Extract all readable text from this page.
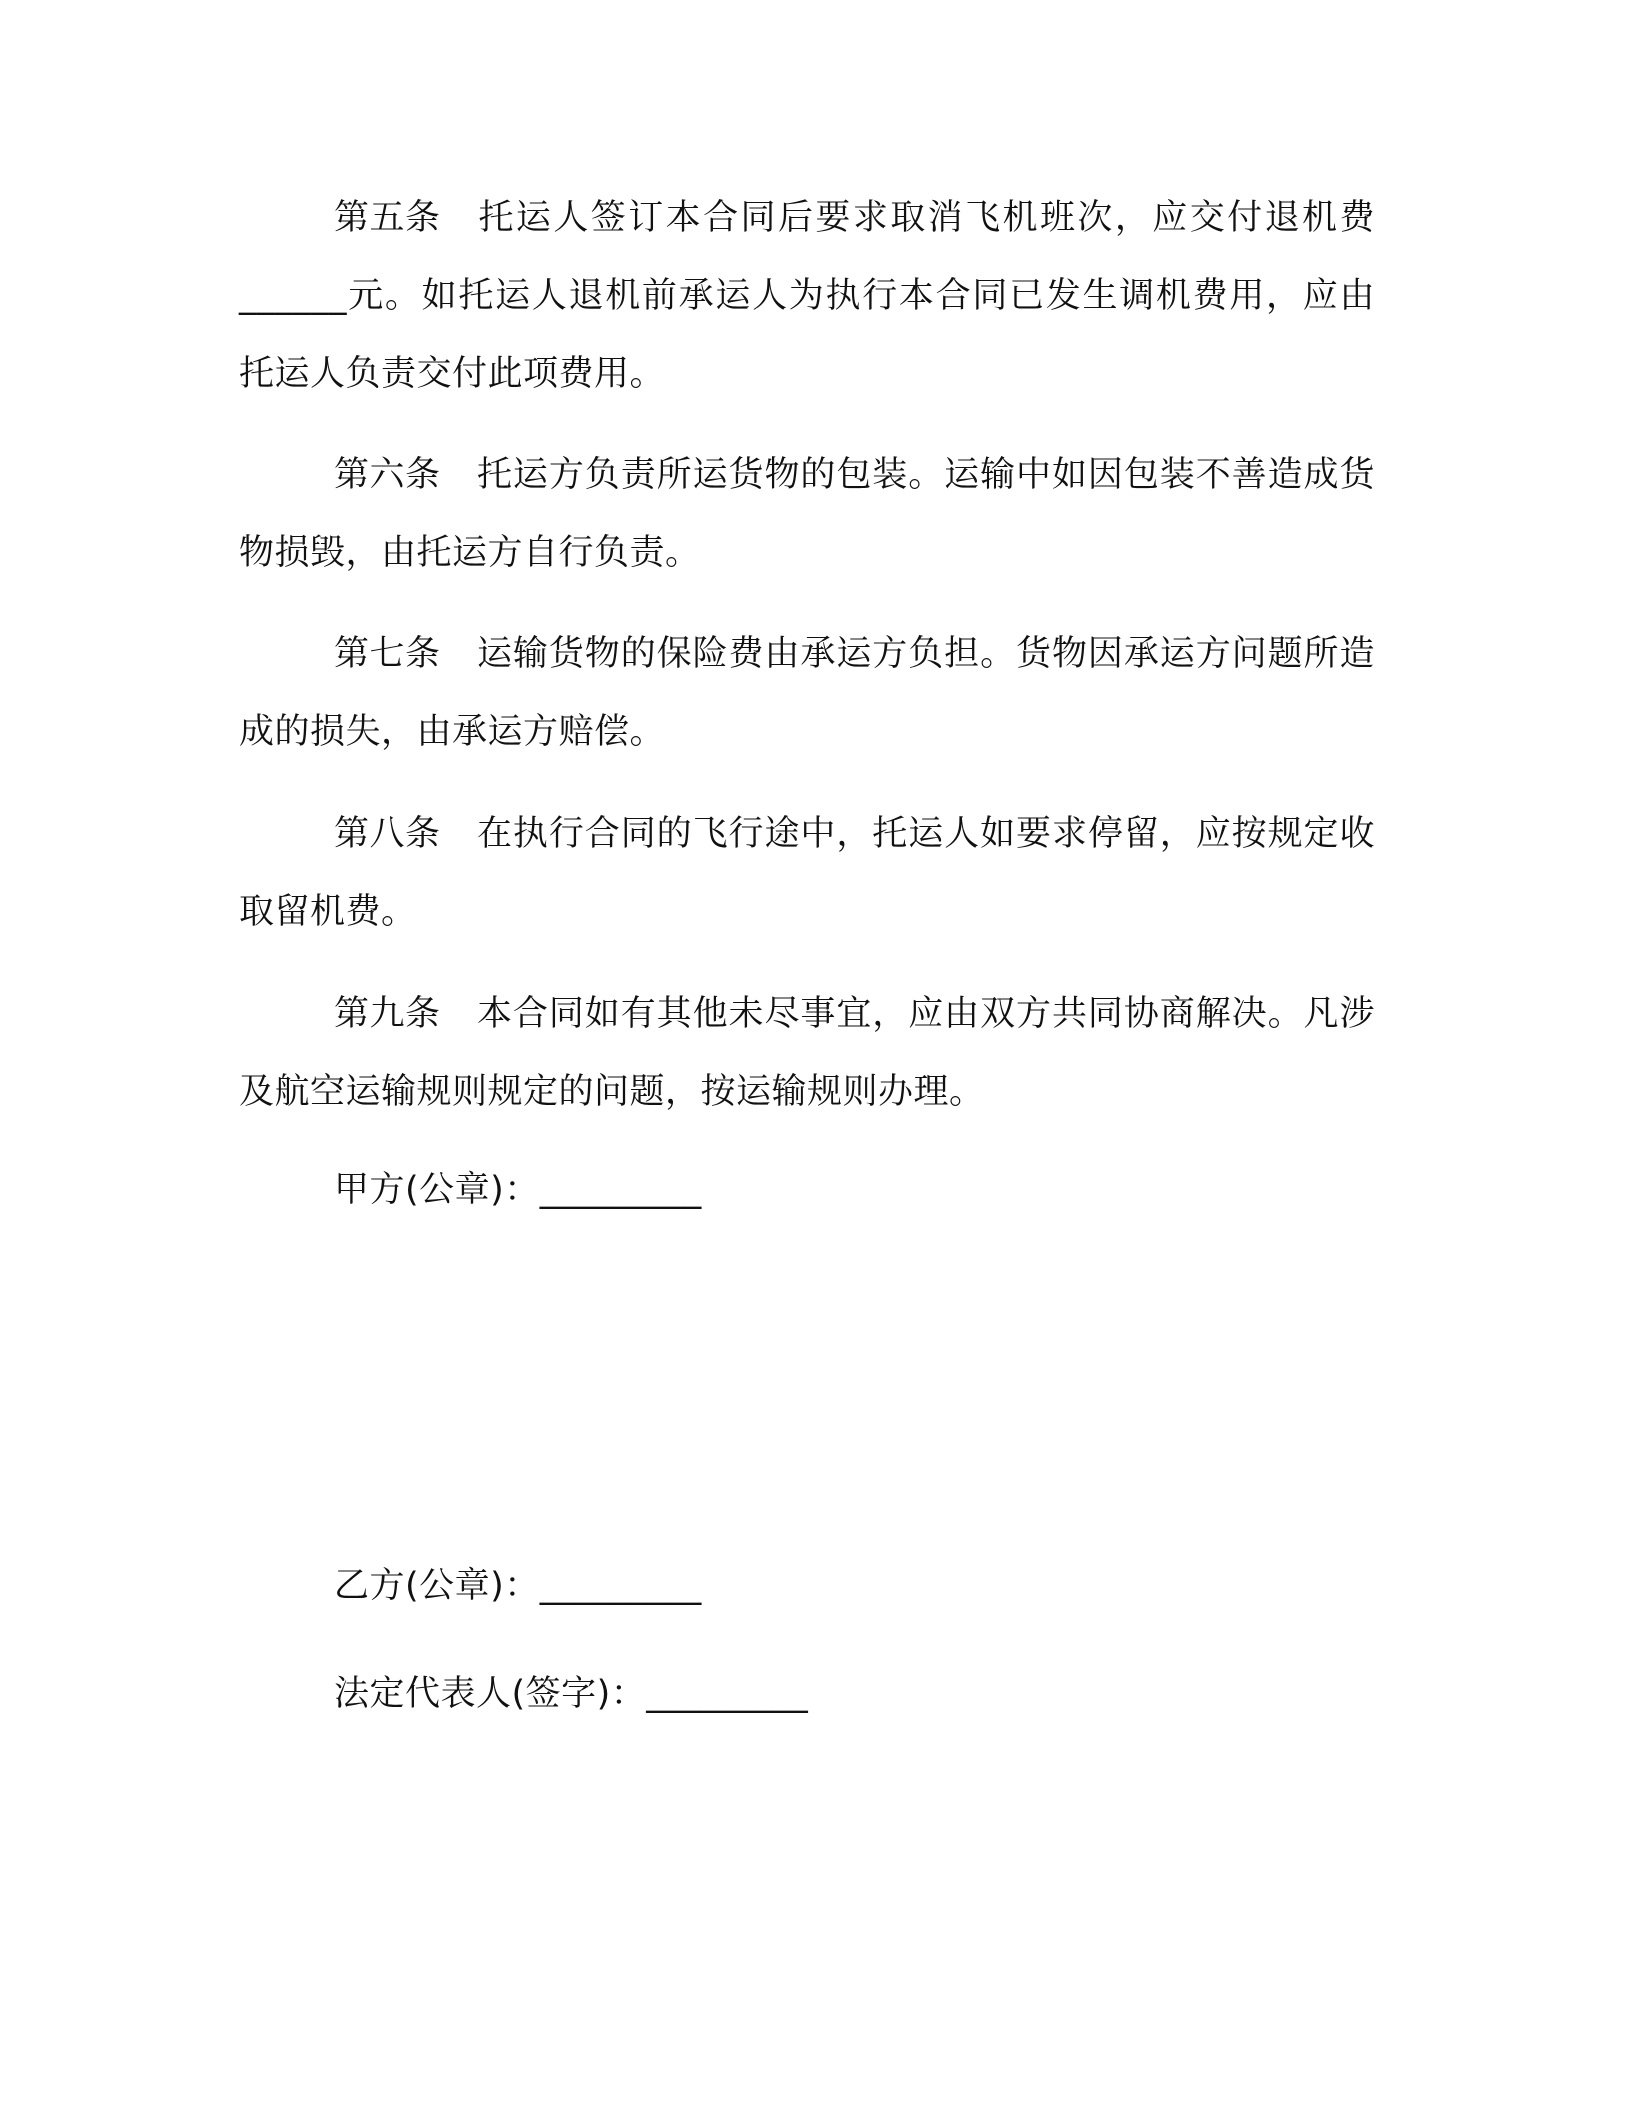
第五条 托运人签订本合同后要求取消飞机班次，应交付退机费______元。如托运人退机前承运人为执行本合同已发生调机费用，应由托运人负责交付此项费用。

第六条 托运方负责所运货物的包装。运输中如因包装不善造成货物损毁，由托运方自行负责。

第七条 运输货物的保险费由承运方负担。货物因承运方问题所造成的损失，由承运方赔偿。

第八条 在执行合同的飞行途中，托运人如要求停留，应按规定收取留机费。

第九条 本合同如有其他未尽事宜，应由双方共同协商解决。凡涉及航空运输规则规定的问题，按运输规则办理。

甲方(公章)：_________

乙方(公章)：_________

法定代表人(签字)：_________
